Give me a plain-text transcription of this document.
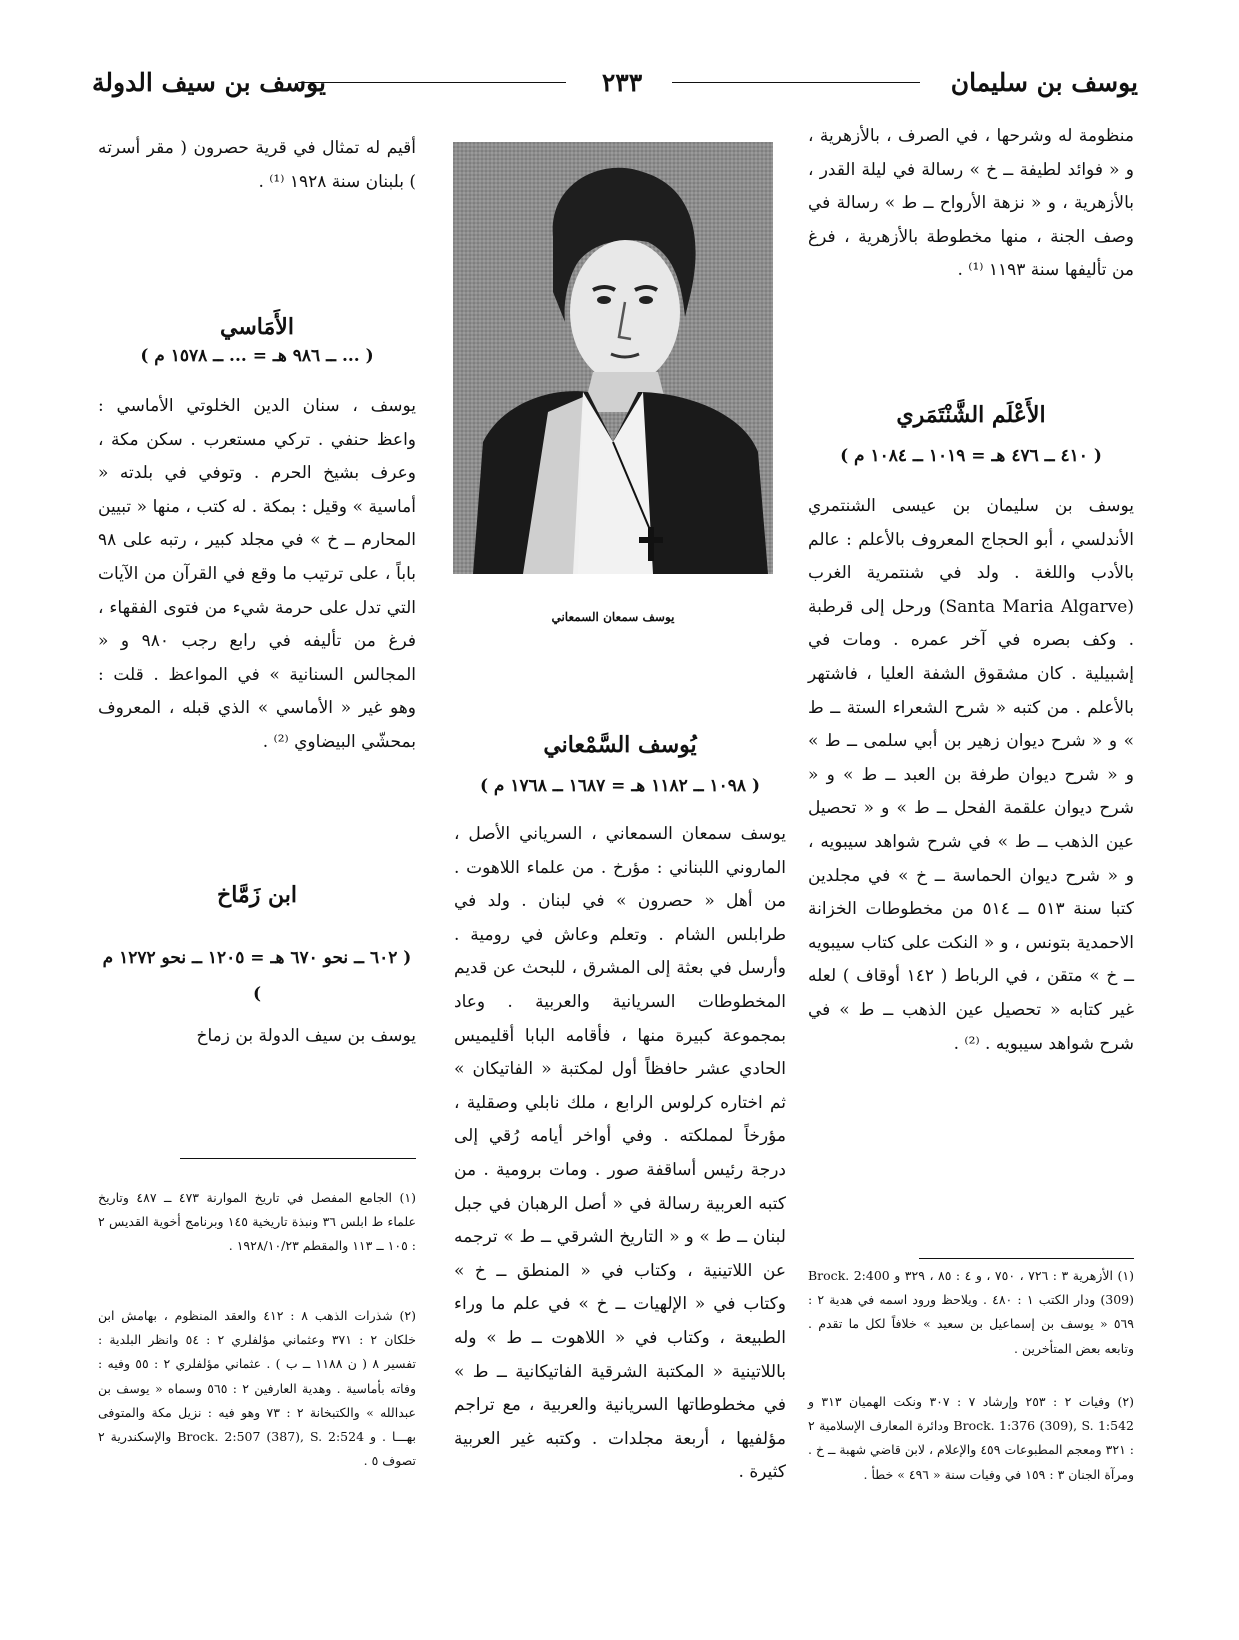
يوسف بن سليمان
٢٣٣
يوسف بن سيف الدولة
منظومة له وشرحها ، في الصرف ، بالأزهرية ، و « فوائد لطيفة ــ خ » رسالة في ليلة القدر ، بالأزهرية ، و « نزهة الأرواح ــ ط » رسالة في وصف الجنة ، منها مخطوطة بالأزهرية ، فرغ من تأليفها سنة ١١٩٣ ⁽¹⁾ .
الأَعْلَم الشَّنْتَمَري
( ٤١٠ ــ ٤٧٦ هـ = ١٠١٩ ــ ١٠٨٤ م )
يوسف بن سليمان بن عيسى الشنتمري الأندلسي ، أبو الحجاج المعروف بالأعلم : عالم بالأدب واللغة . ولد في شنتمرية الغرب (Santa Maria Algarve) ورحل إلى قرطبة . وكف بصره في آخر عمره . ومات في إشبيلية . كان مشقوق الشفة العليا ، فاشتهر بالأعلم . من كتبه « شرح الشعراء الستة ــ ط » و « شرح ديوان زهير بن أبي سلمى ــ ط » و « شرح ديوان طرفة بن العبد ــ ط » و « شرح ديوان علقمة الفحل ــ ط » و « تحصيل عين الذهب ــ ط » في شرح شواهد سيبويه ، و « شرح ديوان الحماسة ــ خ » في مجلدين كتبا سنة ٥١٣ ــ ٥١٤ من مخطوطات الخزانة الاحمدية بتونس ، و « النكت على كتاب سيبويه ــ خ » متقن ، في الرباط ( ١٤٢ أوقاف ) لعله غير كتابه « تحصيل عين الذهب ــ ط » في شرح شواهد سيبويه . ⁽²⁾ .
(١) الأزهرية ٣ : ٧٢٦ ، ٧٥٠ ، و ٤ : ٨٥ ، ٣٢٩ و Brock. 2:400 (309) ودار الكتب ١ : ٤٨٠ . ويلاحظ ورود اسمه في هدية ٢ : ٥٦٩ « يوسف بن إسماعيل بن سعيد » خلافاً لكل ما تقدم . وتابعه بعض المتأخرين .
(٢) وفيات ٢ : ٢٥٣ وإرشاد ٧ : ٣٠٧ ونكت الهميان ٣١٣ و Brock. 1:376 (309), S. 1:542 ودائرة المعارف الإسلامية ٢ : ٣٢١ ومعجم المطبوعات ٤٥٩ والإعلام ، لابن قاضي شهبة ــ خ . ومرآة الجنان ٣ : ١٥٩ في وفيات سنة « ٤٩٦ » خطأ .
يوسف سمعان السمعاني
يُوسف السَّمْعاني
( ١٠٩٨ ــ ١١٨٢ هـ = ١٦٨٧ ــ ١٧٦٨ م )
يوسف سمعان السمعاني ، السرياني الأصل ، الماروني اللبناني : مؤرخ . من علماء اللاهوت . من أهل « حصرون » في لبنان . ولد في طرابلس الشام . وتعلم وعاش في رومية . وأرسل في بعثة إلى المشرق ، للبحث عن قديم المخطوطات السريانية والعربية . وعاد بمجموعة كبيرة منها ، فأقامه البابا أقليميس الحادي عشر حافظاً أول لمكتبة « الفاتيكان » ثم اختاره كرلوس الرابع ، ملك نابلي وصقلية ، مؤرخاً لمملكته . وفي أواخر أيامه رُقي إلى درجة رئيس أساقفة صور . ومات برومية . من كتبه العربية رسالة في « أصل الرهبان في جبل لبنان ــ ط » و « التاريخ الشرقي ــ ط » ترجمه عن اللاتينية ، وكتاب في « المنطق ــ خ » وكتاب في « الإلهيات ــ خ » في علم ما وراء الطبيعة ، وكتاب في « اللاهوت ــ ط » وله باللاتينية « المكتبة الشرقية الفاتيكانية ــ ط » في مخطوطاتها السريانية والعربية ، مع تراجم مؤلفيها ، أربعة مجلدات . وكتبه غير العربية كثيرة .
أقيم له تمثال في قرية حصرون ( مقر أسرته ) بلبنان سنة ١٩٢٨ ⁽¹⁾ .
الأَمَاسي
( ... ــ ٩٨٦ هـ = ... ــ ١٥٧٨ م )
يوسف ، سنان الدين الخلوتي الأماسي : واعظ حنفي . تركي مستعرب . سكن مكة ، وعرف بشيخ الحرم . وتوفي في بلدته « أماسية » وقيل : بمكة . له كتب ، منها « تبيين المحارم ــ خ » في مجلد كبير ، رتبه على ٩٨ باباً ، على ترتيب ما وقع في القرآن من الآيات التي تدل على حرمة شيء من فتوى الفقهاء ، فرغ من تأليفه في رابع رجب ٩٨٠ و « المجالس السنانية » في المواعظ . قلت : وهو غير « الأماسي » الذي قبله ، المعروف بمحشّي البيضاوي ⁽²⁾ .
ابن زَمَّاخ
( ٦٠٢ ــ نحو ٦٧٠ هـ = ١٢٠٥ ــ نحو ١٢٧٢ م )
يوسف بن سيف الدولة بن زماخ
(١) الجامع المفصل في تاريخ الموارنة ٤٧٣ ــ ٤٨٧ وتاريخ علماء ط ابلس ٣٦ ونبذة تاريخية ١٤٥ وبرنامج أخوية القديس ٢ : ١٠٥ ــ ١١٣ والمقطم ١٩٢٨/١٠/٢٣ .
(٢) شذرات الذهب ٨ : ٤١٢ والعقد المنظوم ، بهامش ابن خلكان ٢ : ٣٧١ وعثماني مؤلفلري ٢ : ٥٤ وانظر البلدية : تفسير ٨ ( ن ١١٨٨ ــ ب ) . عثماني مؤلفلري ٢ : ٥٥ وفيه : وفاته بأماسية . وهدية العارفين ٢ : ٥٦٥ وسماه « يوسف بن عبدالله » والكتبخانة ٢ : ٧٣ وهو فيه : نزيل مكة والمتوفى بهـــا . و Brock. 2:507 (387), S. 2:524 والإسكندرية ٢ تصوف ٥ .
